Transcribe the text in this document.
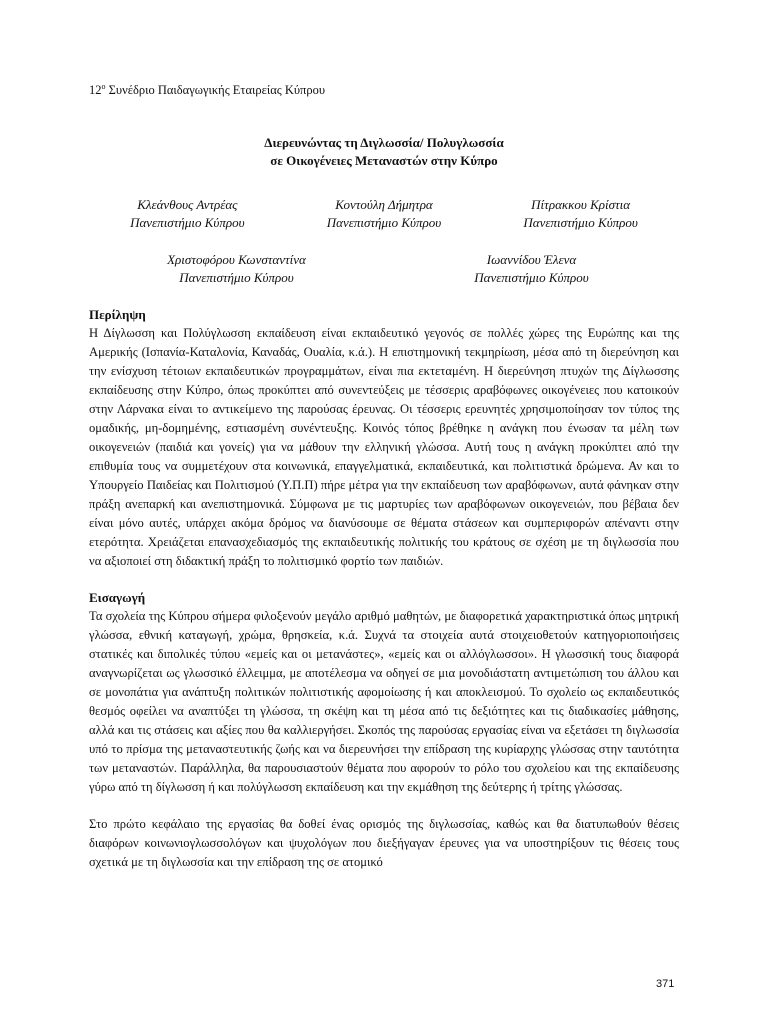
$12^o$ Συνέδριο Παιδαγωγικής Εταιρείας Κύπρου
Διερευνώντας τη Διγλωσσία/ Πολυγλωσσία
σε Οικογένειες Μεταναστών στην Κύπρο
Κλεάνθους Αντρέας
Πανεπιστήμιο Κύπρου
Κοντούλη Δήμητρα
Πανεπιστήμιο Κύπρου
Πίτρακκου Κρίστια
Πανεπιστήμιο Κύπρου
Χριστοφόρου Κωνσταντίνα
Πανεπιστήμιο Κύπρου
Ιωαννίδου Έλενα
Πανεπιστήμιο Κύπρου
Περίληψη

Η Δίγλωσση και Πολύγλωσση εκπαίδευση είναι εκπαιδευτικό γεγονός σε πολλές χώρες της Ευρώπης και της Αμερικής (Ισπανία-Καταλονία, Καναδάς, Ουαλία, κ.ά.). Η επιστημονική τεκμηρίωση, μέσα από τη διερεύνηση και την ενίσχυση τέτοιων εκπαιδευτικών προγραμμάτων, είναι πια εκτεταμένη. Η διερεύνηση πτυχών της Δίγλωσσης εκπαίδευσης στην Κύπρο, όπως προκύπτει από συνεντεύξεις με τέσσερις αραβόφωνες οικογένειες που κατοικούν στην Λάρνακα είναι το αντικείμενο της παρούσας έρευνας. Οι τέσσερις ερευνητές χρησιμοποίησαν τον τύπος της ομαδικής, μη-δομημένης, εστιασμένη συνέντευξης. Κοινός τόπος βρέθηκε η ανάγκη που ένωσαν τα μέλη των οικογενειών (παιδιά και γονείς) για να μάθουν την ελληνική γλώσσα. Αυτή τους η ανάγκη προκύπτει από την επιθυμία τους να συμμετέχουν στα κοινωνικά, επαγγελματικά, εκπαιδευτικά, και πολιτιστικά δρώμενα. Αν και το Υπουργείο Παιδείας και Πολιτισμού (Υ.Π.Π) πήρε μέτρα για την εκπαίδευση των αραβόφωνων, αυτά φάνηκαν στην πράξη ανεπαρκή και ανεπιστημονικά. Σύμφωνα με τις μαρτυρίες των αραβόφωνων οικογενειών, που βέβαια δεν είναι μόνο αυτές, υπάρχει ακόμα δρόμος να διανύσουμε σε θέματα στάσεων και συμπεριφορών απέναντι στην ετερότητα. Χρειάζεται επανασχεδιασμός της εκπαιδευτικής πολιτικής του κράτους σε σχέση με τη διγλωσσία που να αξιοποιεί στη διδακτική πράξη το πολιτισμικό φορτίο των παιδιών.

Εισαγωγή

Τα σχολεία της Κύπρου σήμερα φιλοξενούν μεγάλο αριθμό μαθητών, με διαφορετικά χαρακτηριστικά όπως μητρική γλώσσα, εθνική καταγωγή, χρώμα, θρησκεία, κ.ά. Συχνά τα στοιχεία αυτά στοιχειοθετούν κατηγοριοποιήσεις στατικές και διπολικές τύπου «εμείς και οι μετανάστες», «εμείς και οι αλλόγλωσσοι». Η γλωσσική τους διαφορά αναγνωρίζεται ως γλωσσικό έλλειμμα, με αποτέλεσμα να οδηγεί σε μια μονοδιάστατη αντιμετώπιση του άλλου και σε μονοπάτια για ανάπτυξη πολιτικών πολιτιστικής αφομοίωσης ή και αποκλεισμού. Το σχολείο ως εκπαιδευτικός θεσμός οφείλει να αναπτύξει τη γλώσσα, τη σκέψη και τη μέσα από τις δεξιότητες και τις διαδικασίες μάθησης, αλλά και τις στάσεις και αξίες που θα καλλιεργήσει. Σκοπός της παρούσας εργασίας είναι να εξετάσει τη διγλωσσία υπό το πρίσμα της μεταναστευτικής ζωής και να διερευνήσει την επίδραση της κυρίαρχης γλώσσας στην ταυτότητα των μεταναστών. Παράλληλα, θα παρουσιαστούν θέματα που αφορούν το ρόλο του σχολείου και της εκπαίδευσης γύρω από τη δίγλωσση ή και πολύγλωσση εκπαίδευση και την εκμάθηση της δεύτερης ή τρίτης γλώσσας.

Στο πρώτο κεφάλαιο της εργασίας θα δοθεί ένας ορισμός της διγλωσσίας, καθώς και θα διατυπωθούν θέσεις διαφόρων κοινωνιογλωσσολόγων και ψυχολόγων που διεξήγαγαν έρευνες για να υποστηρίξουν τις θέσεις τους σχετικά με τη διγλωσσία και την επίδραση της σε ατομικό

371
